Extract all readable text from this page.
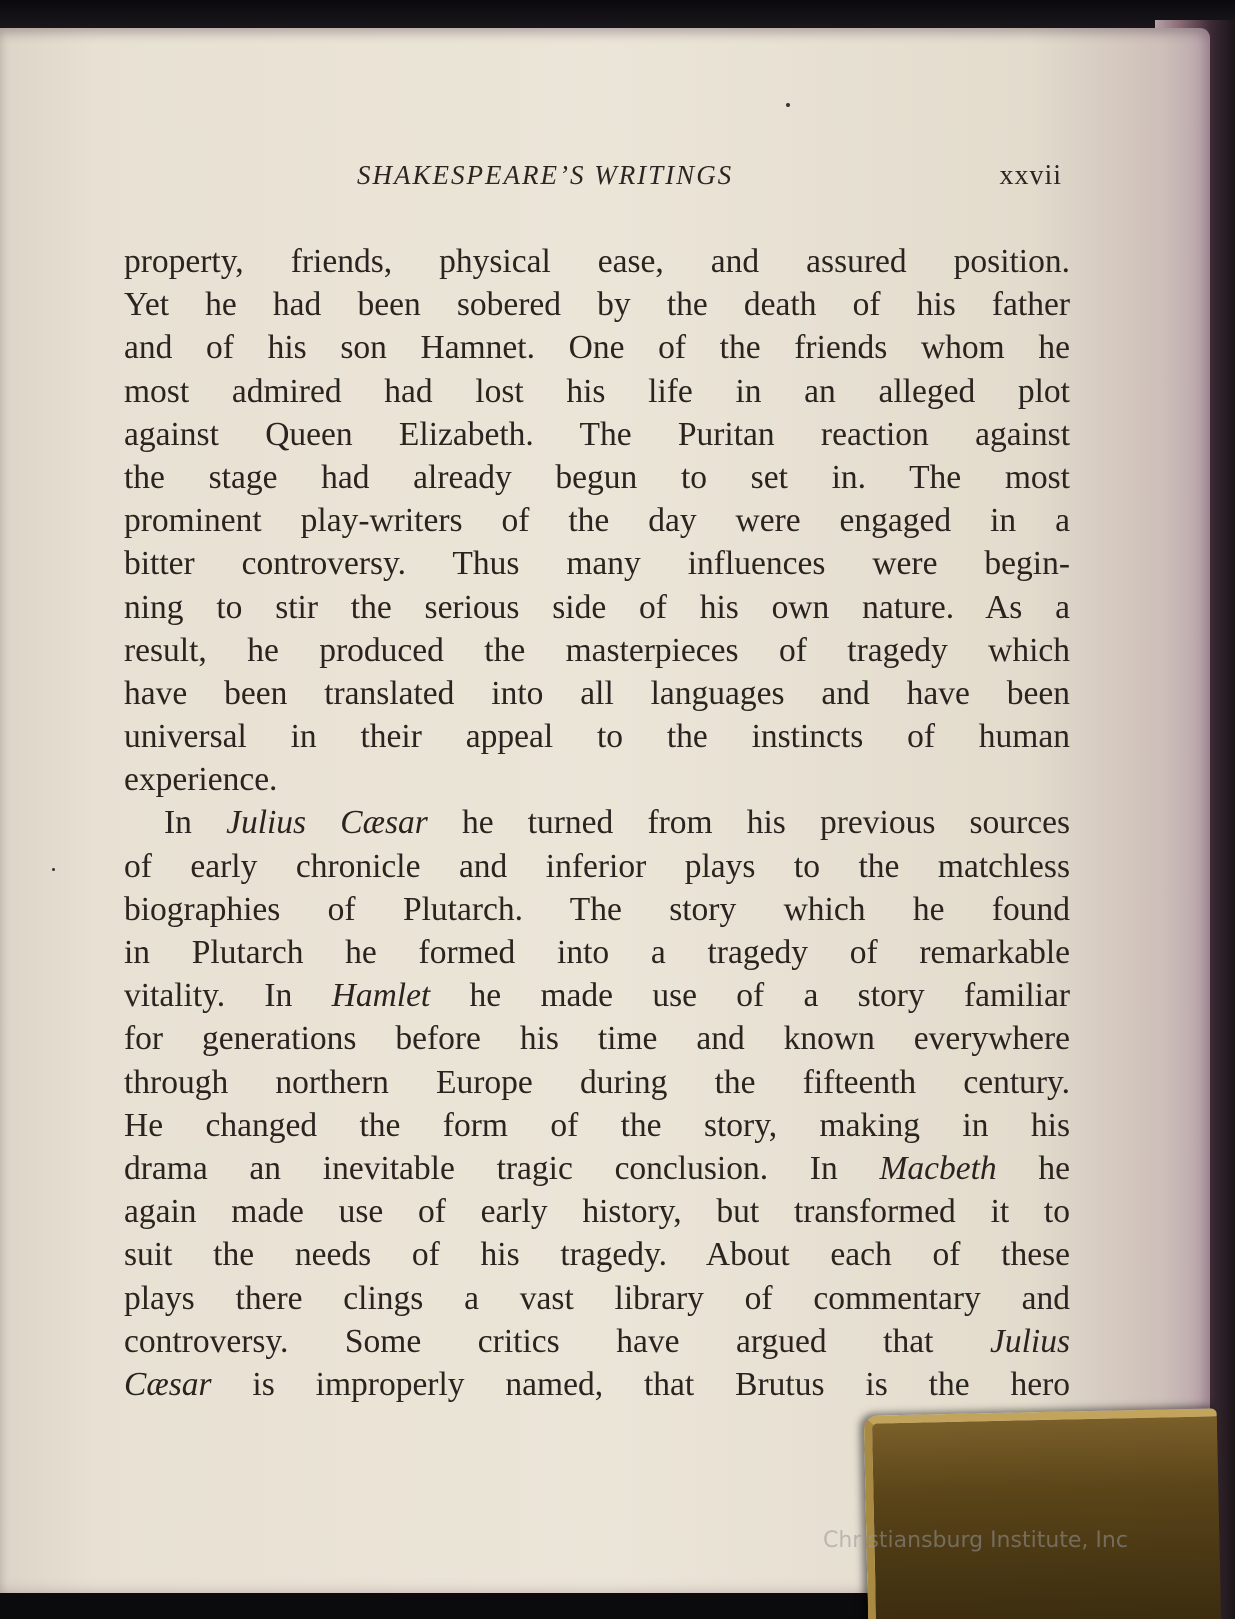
SHAKESPEARE’S WRITINGS	xxvii
property, friends, physical ease, and assured position.
Yet he had been sobered by the death of his father
and of his son Hamnet. One of the friends whom he
most admired had lost his life in an alleged plot
against Queen Elizabeth. The Puritan reaction against
the stage had already begun to set in. The most
prominent play-writers of the day were engaged in a
bitter controversy. Thus many influences were begin-
ning to stir the serious side of his own nature. As a
result, he produced the masterpieces of tragedy which
have been translated into all languages and have been
universal in their appeal to the instincts of human
experience.
In Julius Cæsar he turned from his previous sources
of early chronicle and inferior plays to the matchless
biographies of Plutarch. The story which he found
in Plutarch he formed into a tragedy of remarkable
vitality. In Hamlet he made use of a story familiar
for generations before his time and known everywhere
through northern Europe during the fifteenth century.
He changed the form of the story, making in his
drama an inevitable tragic conclusion. In Macbeth he
again made use of early history, but transformed it to
suit the needs of his tragedy. About each of these
plays there clings a vast library of commentary and
controversy. Some critics have argued that Julius
Cæsar is improperly named, that Brutus is the hero
Christiansburg Institute, Inc
